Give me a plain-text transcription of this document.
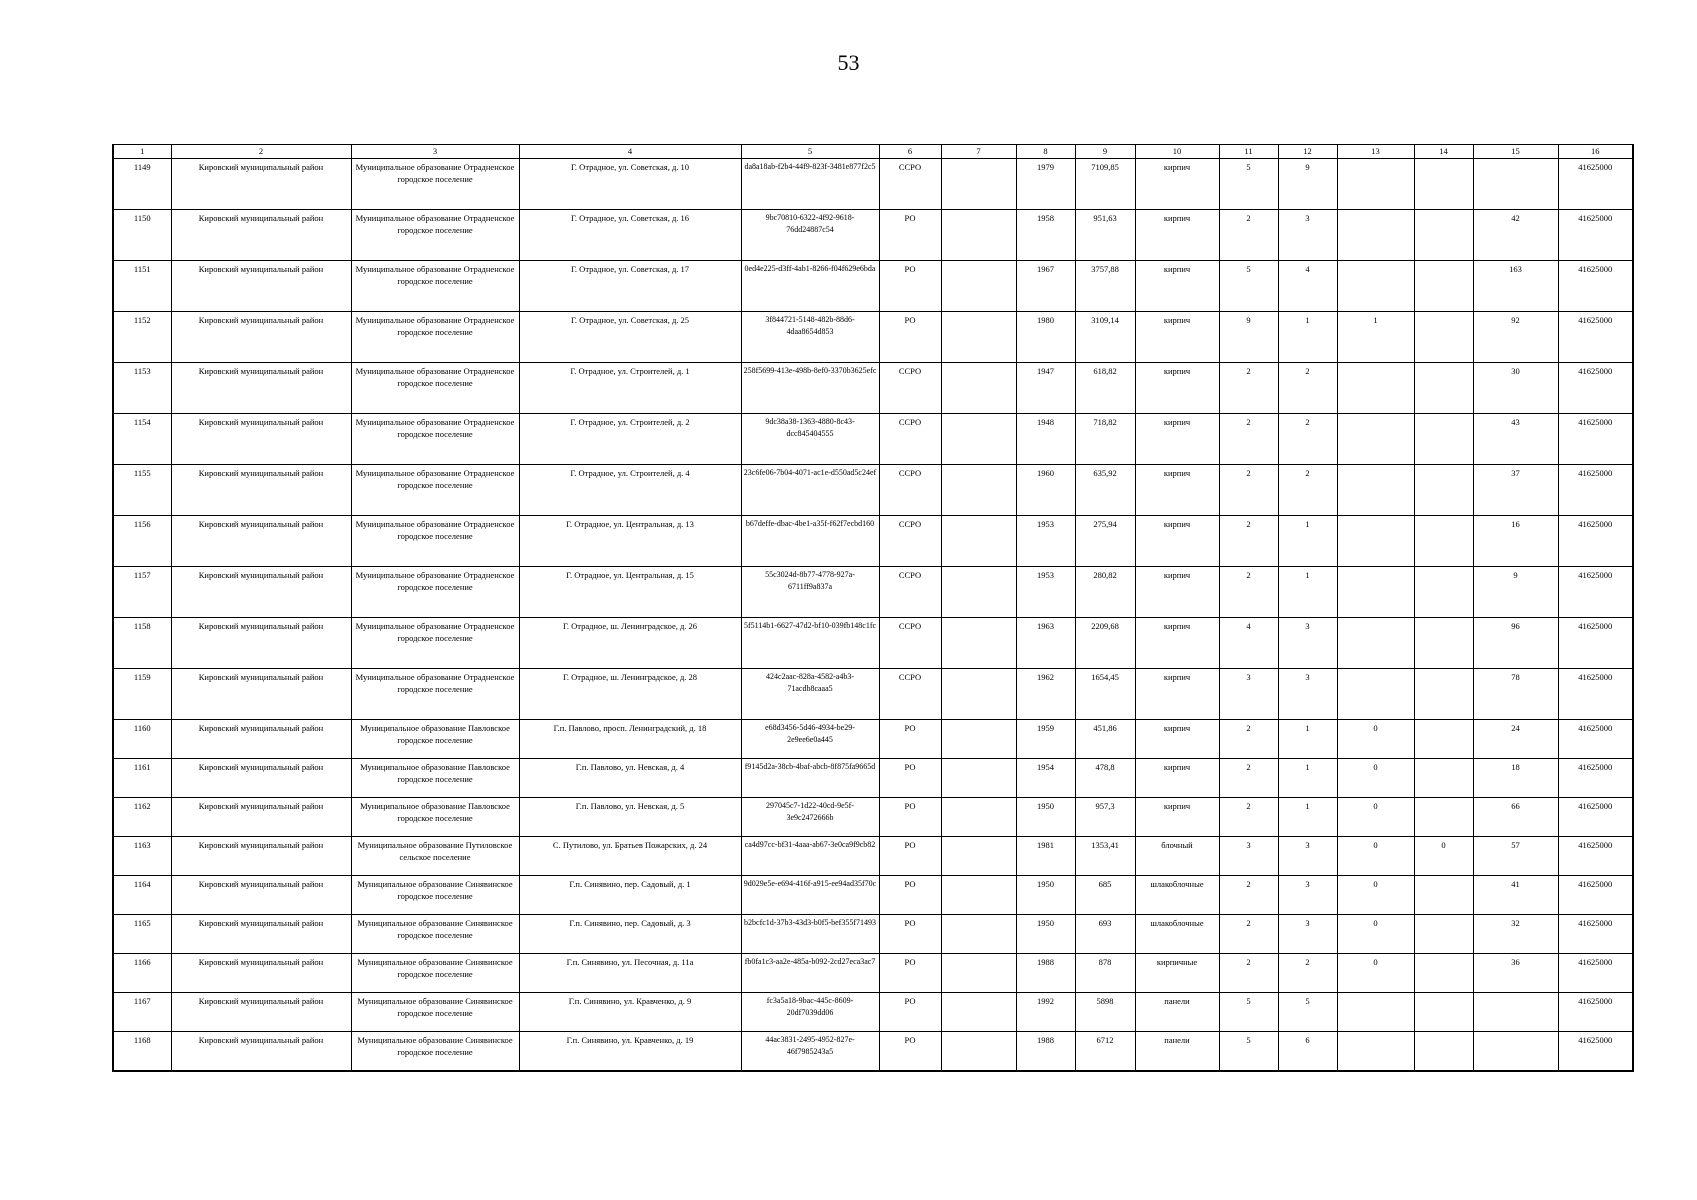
53
1	2	3	4	5	6	7	8	9	10	11	12	13	14	15	16
1149	Кировский муниципальный район	Муниципальное образование Отрадненское городское поселение	Г. Отрадное, ул. Советская, д. 10	da8a18ab-f2b4-44f9-823f-3481e877f2c5	ССРО		1979	7109,85	кирпич	5	9				41625000
1150	Кировский муниципальный район	Муниципальное образование Отрадненское городское поселение	Г. Отрадное, ул. Советская, д. 16	9bc70810-6322-4f92-9618-76dd24887c54	РО		1958	951,63	кирпич	2	3			42	41625000
1151	Кировский муниципальный район	Муниципальное образование Отрадненское городское поселение	Г. Отрадное, ул. Советская, д. 17	0ed4e225-d3ff-4ab1-8266-f04f629e6bda	РО		1967	3757,88	кирпич	5	4			163	41625000
1152	Кировский муниципальный район	Муниципальное образование Отрадненское городское поселение	Г. Отрадное, ул. Советская, д. 25	3f844721-5148-482b-88d6-4daa8654d853	РО		1980	3109,14	кирпич	9	1	1		92	41625000
1153	Кировский муниципальный район	Муниципальное образование Отрадненское городское поселение	Г. Отрадное, ул. Строителей, д. 1	258f5699-413e-498b-8ef0-3370b3625efc	ССРО		1947	618,82	кирпич	2	2			30	41625000
1154	Кировский муниципальный район	Муниципальное образование Отрадненское городское поселение	Г. Отрадное, ул. Строителей, д. 2	9dc38a38-1363-4880-8c43-dcc845404555	ССРО		1948	718,82	кирпич	2	2			43	41625000
1155	Кировский муниципальный район	Муниципальное образование Отрадненское городское поселение	Г. Отрадное, ул. Строителей, д. 4	23c6fe06-7b04-4071-ac1e-d550ad5c24ef	ССРО		1960	635,92	кирпич	2	2			37	41625000
1156	Кировский муниципальный район	Муниципальное образование Отрадненское городское поселение	Г. Отрадное, ул. Центральная, д. 13	b67deffe-dbac-4be1-a35f-f62f7ecbd160	ССРО		1953	275,94	кирпич	2	1			16	41625000
1157	Кировский муниципальный район	Муниципальное образование Отрадненское городское поселение	Г. Отрадное, ул. Центральная, д. 15	55c3024d-8b77-4778-927a-6711ff9a837a	ССРО		1953	280,82	кирпич	2	1			9	41625000
1158	Кировский муниципальный район	Муниципальное образование Отрадненское городское поселение	Г. Отрадное, ш. Ленинградское, д. 26	5f5114b1-6627-47d2-bf10-039fb148c1fc	ССРО		1963	2209,68	кирпич	4	3			96	41625000
1159	Кировский муниципальный район	Муниципальное образование Отрадненское городское поселение	Г. Отрадное, ш. Ленинградское, д. 28	424c2aac-828a-4582-a4b3-71acdb8caaa5	ССРО		1962	1654,45	кирпич	3	3			78	41625000
1160	Кировский муниципальный район	Муниципальное образование Павловское городское поселение	Г.п. Павлово, просп. Ленинградский, д. 18	e68d3456-5d46-4934-be29-2e9ee6e0a445	РО		1959	451,86	кирпич	2	1	0		24	41625000
1161	Кировский муниципальный район	Муниципальное образование Павловское городское поселение	Г.п. Павлово, ул. Невская, д. 4	f9145d2a-38cb-4baf-abcb-8f875fa9665d	РО		1954	478,8	кирпич	2	1	0		18	41625000
1162	Кировский муниципальный район	Муниципальное образование Павловское городское поселение	Г.п. Павлово, ул. Невская, д. 5	297045c7-1d22-40cd-9e5f-3e9c2472666b	РО		1950	957,3	кирпич	2	1	0		66	41625000
1163	Кировский муниципальный район	Муниципальное образование Путиловское сельское поселение	С. Путилово, ул. Братьев Пожарских, д. 24	ca4d97cc-bf31-4aaa-ab67-3e0ca9f9cb82	РО		1981	1353,41	блочный	3	3	0	0	57	41625000
1164	Кировский муниципальный район	Муниципальное образование Синявинское городское поселение	Г.п. Синявино, пер. Садовый, д. 1	9d029e5e-e694-416f-a915-ee94ad35f70c	РО		1950	685	шлакоблочные	2	3	0		41	41625000
1165	Кировский муниципальный район	Муниципальное образование Синявинское городское поселение	Г.п. Синявино, пер. Садовый, д. 3	b2bcfc1d-37b3-43d3-b0f5-bef355f71493	РО		1950	693	шлакоблочные	2	3	0		32	41625000
1166	Кировский муниципальный район	Муниципальное образование Синявинское городское поселение	Г.п. Синявино, ул. Песочная, д. 11а	fb0fa1c3-aa2e-485a-b092-2cd27eca3ac7	РО		1988	878	кирпичные	2	2	0		36	41625000
1167	Кировский муниципальный район	Муниципальное образование Синявинское городское поселение	Г.п. Синявино, ул. Кравченко, д. 9	fc3a5a18-9bac-445c-8609-20df7039dd06	РО		1992	5898	панели	5	5				41625000
1168	Кировский муниципальный район	Муниципальное образование Синявинское городское поселение	Г.п. Синявино, ул. Кравченко, д. 19	44ac3831-2495-4952-827e-46f7985243a5	РО		1988	6712	панели	5	6				41625000
